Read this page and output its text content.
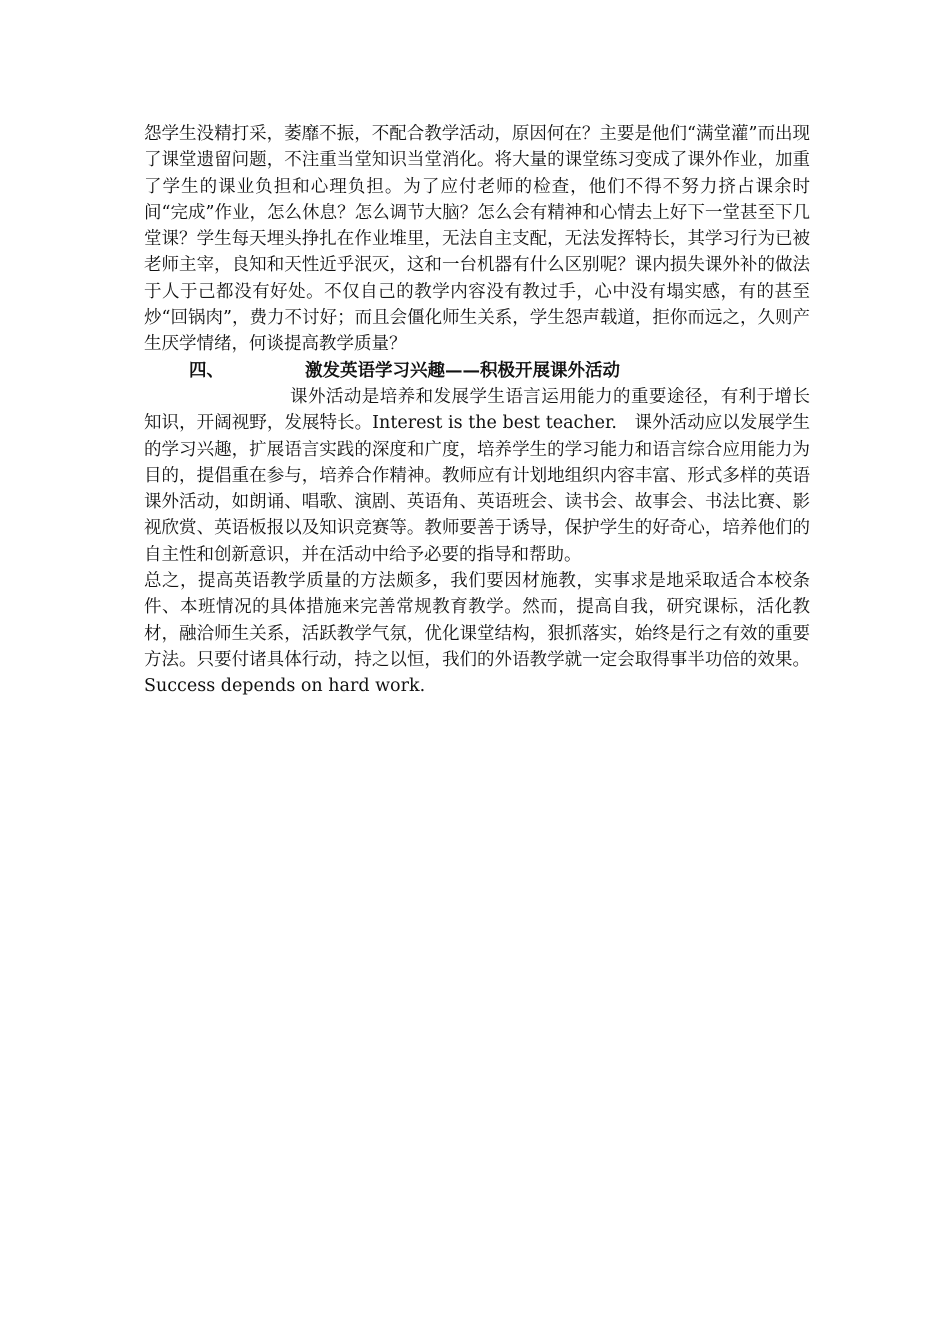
怨学生没精打采，萎靡不振，不配合教学活动，原因何在？主要是他们“满堂灌”而出现了课堂遗留问题，不注重当堂知识当堂消化。将大量的课堂练习变成了课外作业，加重了学生的课业负担和心理负担。为了应付老师的检查，他们不得不努力挤占课余时间“完成”作业，怎么休息？怎么调节大脑？怎么会有精神和心情去上好下一堂甚至下几堂课？学生每天埋头挣扎在作业堆里，无法自主支配，无法发挥特长，其学习行为已被老师主宰，良知和天性近乎泯灭，这和一台机器有什么区别呢？课内损失课外补的做法于人于己都没有好处。不仅自己的教学内容没有教过手，心中没有塌实感，有的甚至炒“回锅肉”，费力不讨好；而且会僵化师生关系，学生怨声载道，拒你而远之，久则产生厌学情绪，何谈提高教学质量？

四、	激发英语学习兴趣——积极开展课外活动

课外活动是培养和发展学生语言运用能力的重要途径，有利于增长知识，开阔视野，发展特长。Interest is the best teacher.　课外活动应以发展学生的学习兴趣，扩展语言实践的深度和广度，培养学生的学习能力和语言综合应用能力为目的，提倡重在参与，培养合作精神。教师应有计划地组织内容丰富、形式多样的英语课外活动，如朗诵、唱歌、演剧、英语角、英语班会、读书会、故事会、书法比赛、影视欣赏、英语板报以及知识竞赛等。教师要善于诱导，保护学生的好奇心，培养他们的自主性和创新意识，并在活动中给予必要的指导和帮助。

总之，提高英语教学质量的方法颇多，我们要因材施教，实事求是地采取适合本校条件、本班情况的具体措施来完善常规教育教学。然而，提高自我，研究课标，活化教材，融洽师生关系，活跃教学气氛，优化课堂结构，狠抓落实，始终是行之有效的重要方法。只要付诸具体行动，持之以恒，我们的外语教学就一定会取得事半功倍的效果。Success depends on hard work.
